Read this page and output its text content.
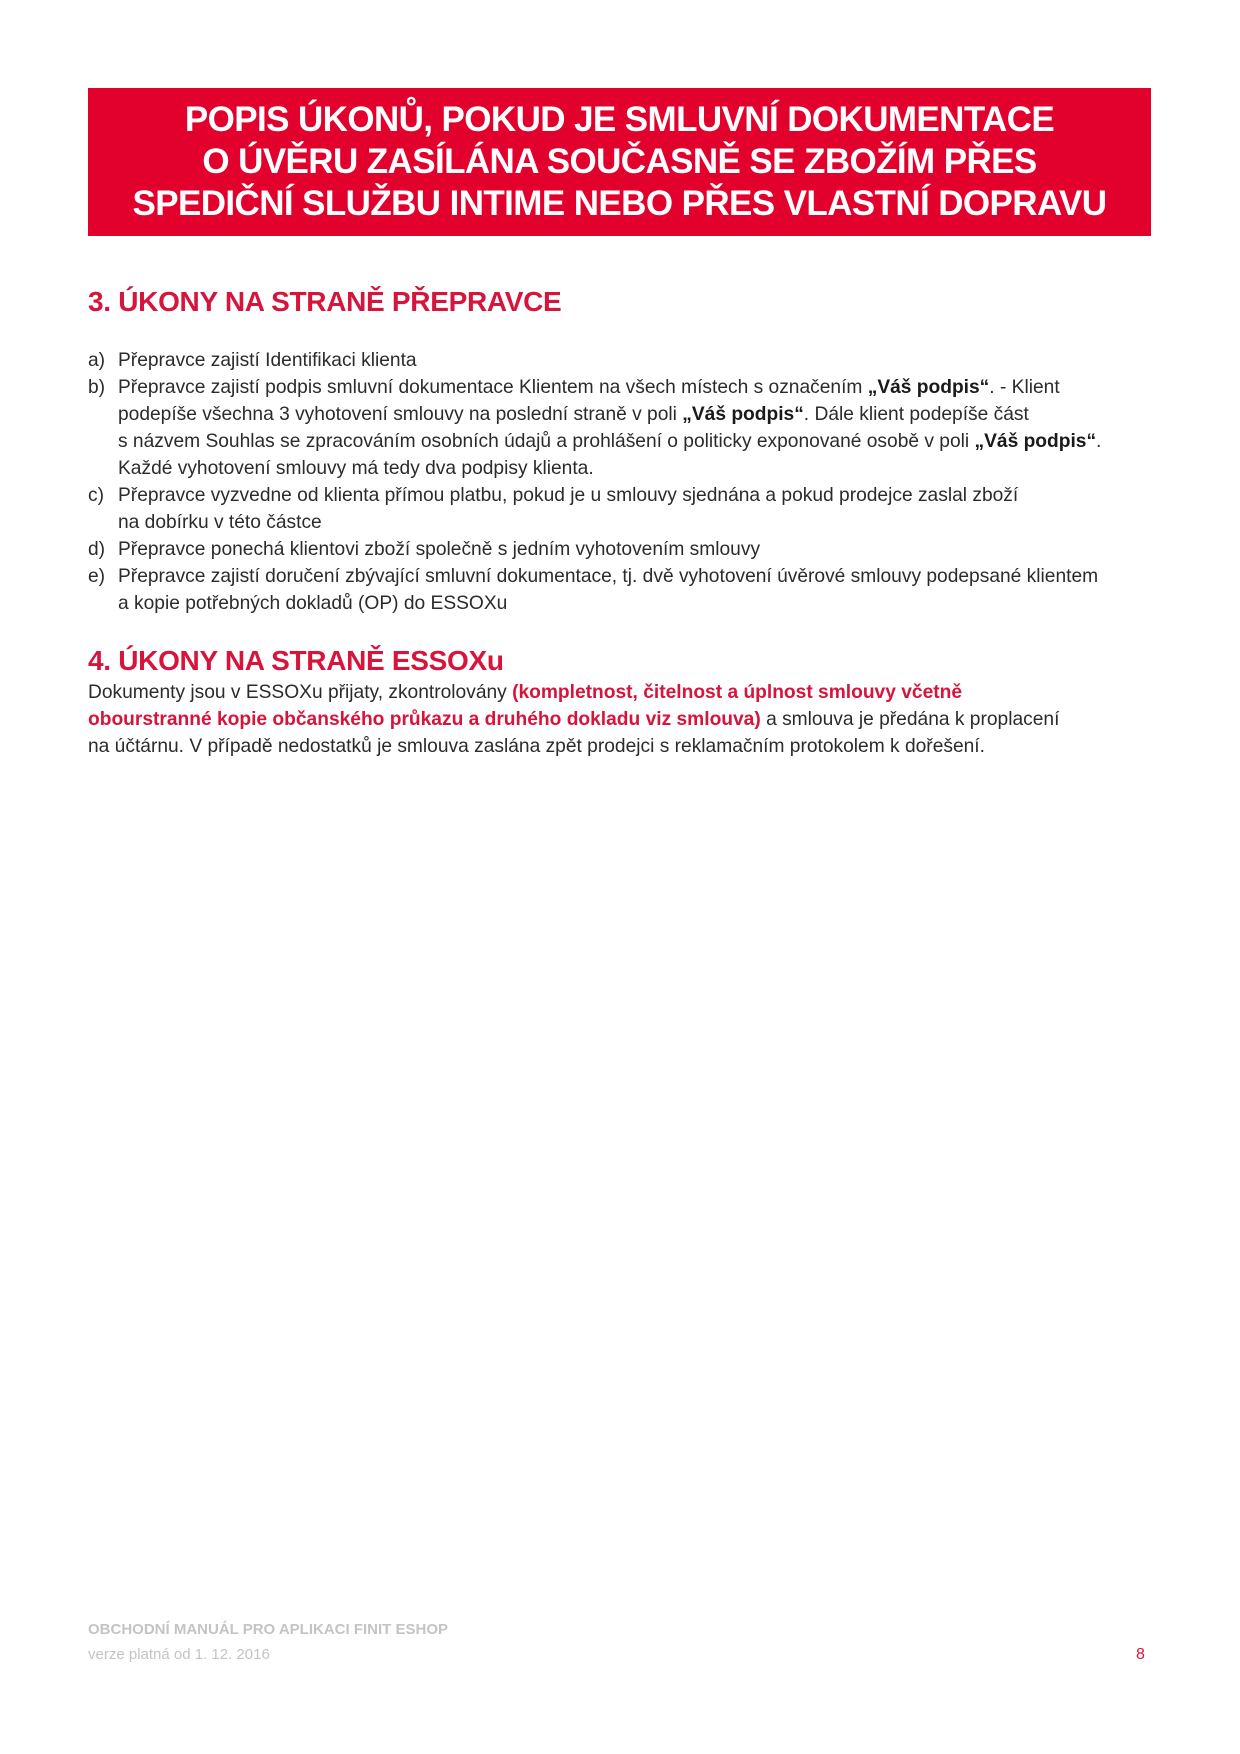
POPIS ÚKONŮ, POKUD JE SMLUVNÍ DOKUMENTACE
O ÚVĚRU ZASÍLÁNA SOUČASNĚ SE ZBOŽÍM PŘES
SPEDIČNÍ SLUŽBU INTIME NEBO PŘES VLASTNÍ DOPRAVU
3. ÚKONY NA STRANĚ PŘEPRAVCE
a) Přepravce zajistí Identifikaci klienta
b) Přepravce zajistí podpis smluvní dokumentace Klientem na všech místech s označením „Váš podpis“. - Klient
podepíše všechna 3 vyhotovení smlouvy na poslední straně v poli „Váš podpis“. Dále klient podepíše část
s názvem Souhlas se zpracováním osobních údajů a prohlášení o politicky exponované osobě v poli „Váš podpis“.
Každé vyhotovení smlouvy má tedy dva podpisy klienta.
c) Přepravce vyzvedne od klienta přímou platbu, pokud je u smlouvy sjednána a pokud prodejce zaslal zboží
na dobírku v této částce
d) Přepravce ponechá klientovi zboží společně s jedním vyhotovením smlouvy
e) Přepravce zajistí doručení zbývající smluvní dokumentace, tj. dvě vyhotovení úvěrové smlouvy podepsané klientem
a kopie potřebných dokladů (OP) do ESSOXu
4. ÚKONY NA STRANĚ ESSOXu
Dokumenty jsou v ESSOXu přijaty, zkontrolovány (kompletnost, čitelnost a úplnost smlouvy včetně
obourstranné kopie občanského průkazu a druhého dokladu viz smlouva) a smlouva je předána k proplacení
na účtárnu. V případě nedostatků je smlouva zaslána zpět prodejci s reklamačním protokolem k dořešení.
OBCHODNÍ MANUÁL PRO APLIKACI FINIT ESHOP
verze platná od 1. 12. 2016	8
